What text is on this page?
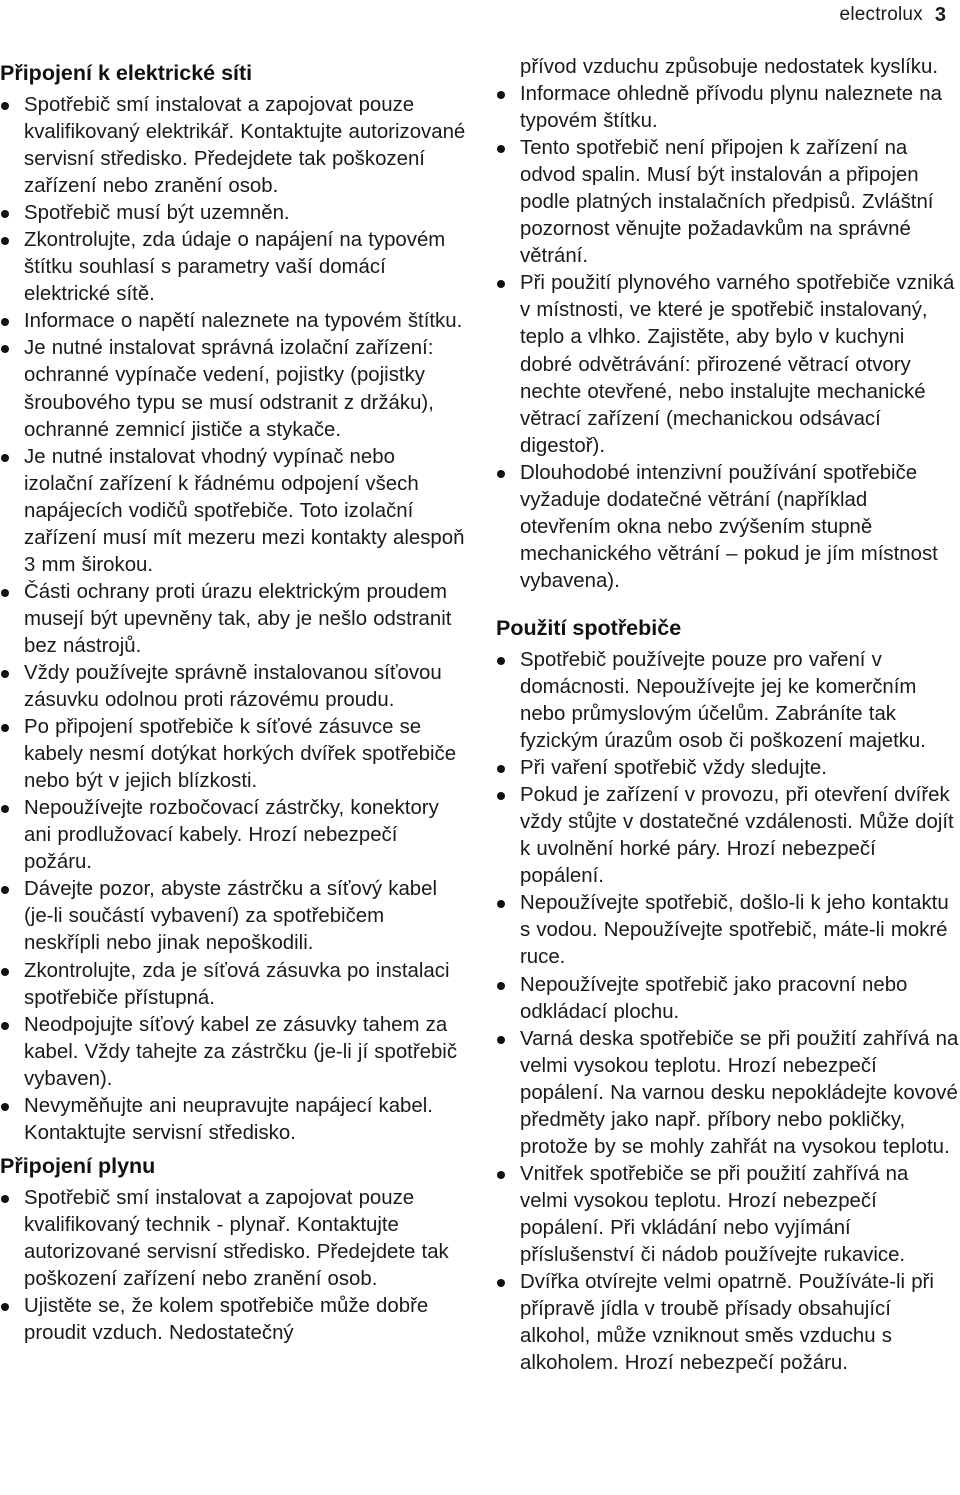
electrolux 3
Připojení k elektrické síti
Spotřebič smí instalovat a zapojovat pouze kvalifikovaný elektrikář. Kontaktujte autorizované servisní středisko. Předejdete tak poškození zařízení nebo zranění osob.
Spotřebič musí být uzemněn.
Zkontrolujte, zda údaje o napájení na typovém štítku souhlasí s parametry vaší domácí elektrické sítě.
Informace o napětí naleznete na typovém štítku.
Je nutné instalovat správná izolační zařízení: ochranné vypínače vedení, pojistky (pojistky šroubového typu se musí odstranit z držáku), ochranné zemnicí jističe a stykače.
Je nutné instalovat vhodný vypínač nebo izolační zařízení k řádnému odpojení všech napájecích vodičů spotřebiče. Toto izolační zařízení musí mít mezeru mezi kontakty alespoň 3 mm širokou.
Části ochrany proti úrazu elektrickým proudem musejí být upevněny tak, aby je nešlo odstranit bez nástrojů.
Vždy používejte správně instalovanou síťovou zásuvku odolnou proti rázovému proudu.
Po připojení spotřebiče k síťové zásuvce se kabely nesmí dotýkat horkých dvířek spotřebiče nebo být v jejich blízkosti.
Nepoužívejte rozbočovací zástrčky, konektory ani prodlužovací kabely. Hrozí nebezpečí požáru.
Dávejte pozor, abyste zástrčku a síťový kabel (je-li součástí vybavení) za spotřebičem neskřípli nebo jinak nepoškodili.
Zkontrolujte, zda je síťová zásuvka po instalaci spotřebiče přístupná.
Neodpojujte síťový kabel ze zásuvky tahem za kabel. Vždy tahejte za zástrčku (je-li jí spotřebič vybaven).
Nevyměňujte ani neupravujte napájecí kabel. Kontaktujte servisní středisko.
Připojení plynu
Spotřebič smí instalovat a zapojovat pouze kvalifikovaný technik - plynař. Kontaktujte autorizované servisní středisko. Předejdete tak poškození zařízení nebo zranění osob.
Ujistěte se, že kolem spotřebiče může dobře proudit vzduch. Nedostatečný
přívod vzduchu způsobuje nedostatek kyslíku.
Informace ohledně přívodu plynu naleznete na typovém štítku.
Tento spotřebič není připojen k zařízení na odvod spalin. Musí být instalován a připojen podle platných instalačních předpisů. Zvláštní pozornost věnujte požadavkům na správné větrání.
Při použití plynového varného spotřebiče vzniká v místnosti, ve které je spotřebič instalovaný, teplo a vlhko. Zajistěte, aby bylo v kuchyni dobré odvětrávání: přirozené větrací otvory nechte otevřené, nebo instalujte mechanické větrací zařízení (mechanickou odsávací digestoř).
Dlouhodobé intenzivní používání spotřebiče vyžaduje dodatečné větrání (například otevřením okna nebo zvýšením stupně mechanického větrání – pokud je jím místnost vybavena).
Použití spotřebiče
Spotřebič používejte pouze pro vaření v domácnosti. Nepoužívejte jej ke komerčním nebo průmyslovým účelům. Zabráníte tak fyzickým úrazům osob či poškození majetku.
Při vaření spotřebič vždy sledujte.
Pokud je zařízení v provozu, při otevření dvířek vždy stůjte v dostatečné vzdálenosti. Může dojít k uvolnění horké páry. Hrozí nebezpečí popálení.
Nepoužívejte spotřebič, došlo-li k jeho kontaktu s vodou. Nepoužívejte spotřebič, máte-li mokré ruce.
Nepoužívejte spotřebič jako pracovní nebo odkládací plochu.
Varná deska spotřebiče se při použití zahřívá na velmi vysokou teplotu. Hrozí nebezpečí popálení. Na varnou desku nepokládejte kovové předměty jako např. příbory nebo pokličky, protože by se mohly zahřát na vysokou teplotu.
Vnitřek spotřebiče se při použití zahřívá na velmi vysokou teplotu. Hrozí nebezpečí popálení. Při vkládání nebo vyjímání příslušenství či nádob používejte rukavice.
Dvířka otvírejte velmi opatrně. Používáte-li při přípravě jídla v troubě přísady obsahující alkohol, může vzniknout směs vzduchu s alkoholem. Hrozí nebezpečí požáru.
